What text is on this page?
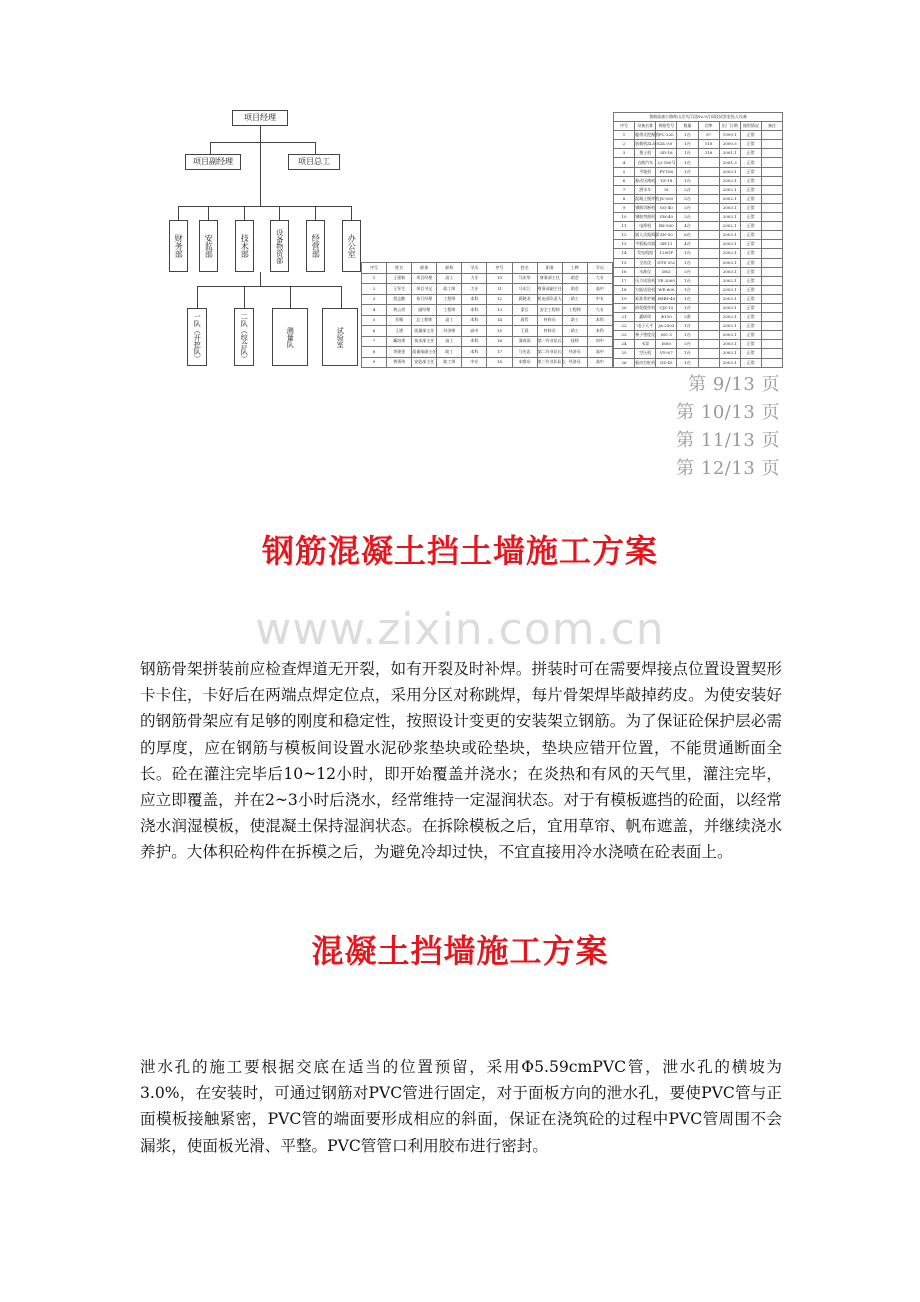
项目经理
项目副经理	项目总工
财务部	安监部	技术部	设备物资部	经营部	办公室
一队（开挖队）	二队（综合队）	测量队	试验室
序号	姓名	职务	职称	学历	序号	姓名	职务	工种	学历
1	王建新	项目经理	高工	大专	10	马庆华	财务部主任	助会	大专
2	王军生	项目书记	政工师	大专	11	马东江	财务部副主任	助会	高中
3	贾志勤	执行经理	工程师	本科	12	蒋晓龙	机电部负责人	助工	中专
4	黄云贵	副经理	工程师	本科	13	蒙岳	安全工程师	工程师	大专
5	苏娜	总工程师	高工	本科	14	蒋哲	材料员	助工	本科
6	王谱	质量部主任	经济师	高中	15	王晨	材料员	助工	本科
7	藏培勇	技术部主任	高工	本科	16	蒲春雨	第一作业队长	技师	初中
8	李建金	质量部副主任	助工	本科	17	马先忠	第二作业队长	经济员	高中
9	黄勇伟	安监部主任	助工师	中专	18	宋维东	第三作业队队长	经济员	高中
鲁朗高速公路梓山至鸟江段No.9合同段试验室投入设备							
序号	设备名称	规格型号	数量	功率	出厂日期	使用情况	备注
1	履带式挖掘机	PC-220	1台	97	1999.1	正常	
2	装载机ZL50C	ZL-50	1台	118	2000.5	正常	
3	推土机	SD-16	1台	118	2001.1	正常	
4	自卸汽车	22-180马	1台		2001.3	正常	
5	平地机	PY-180	1台		2003.1	正常	
6	振动压路机	YZ-18	1台		2003.1	正常	
7	洒水车	5t	2台		2002.1	正常	
8	混凝土搅拌机	JS-500	2台		2002.1	正常	
9	钢筋切断机	GQ-40	2台		2003.1	正常	
10	钢筋弯曲机	GW-40	2台		2003.1	正常	
11	电焊机	BX-500	4台		2002.1	正常	
12	插入式振捣器	ZN-50	6台		2003.1	正常	
13	平板振动器	ZB-11	4台		2003.1	正常	
14	发电机组	120GF	1台		2003.1	正常	
15	全站仪	NTS-352	1台		2003.1	正常	
16	水准仪	DS3	2台		2003.1	正常	
17	压力试验机	YE-2000	1台		2002.1	正常	
18	万能试验机	WE-600	1台		2003.1	正常	
19	标准养护箱	SHBY-40	1台		2003.1	正常	
20	砂浆搅拌机	UJZ-15	1台		2003.1	正常	
21	灌砂筒	Φ150	2套		2003.1	正常	
22	电子天平	JA-2003	1台		2003.1	正常	
23	核子密度仪	MC-3	1台		2003.1	正常	
24	水泵	IS80	2台		2003.1	正常	
25	空压机	VY-9/7	1台		2003.1	正常	
26	振动打桩机	DZ-45	1台		2003.1	正常	
第 9/13 页
第 10/13 页
第 11/13 页
第 12/13 页
钢筋混凝土挡土墙施工方案
www.zixin.com.cn
钢筋骨架拼装前应检查焊道无开裂，如有开裂及时补焊。拼装时可在需要焊接点位置设置契形卡卡住，卡好后在两端点焊定位点，采用分区对称跳焊，每片骨架焊毕敲掉药皮。为使安装好的钢筋骨架应有足够的刚度和稳定性，按照设计变更的安装架立钢筋。为了保证砼保护层必需的厚度，应在钢筋与模板间设置水泥砂浆垫块或砼垫块，垫块应错开位置，不能贯通断面全长。砼在灌注完毕后10~12小时，即开始覆盖并浇水；在炎热和有风的天气里，灌注完毕，应立即覆盖，并在2~3小时后浇水，经常维持一定湿润状态。对于有模板遮挡的砼面，以经常浇水润湿模板，使混凝土保持湿润状态。在拆除模板之后，宜用草帘、帆布遮盖，并继续浇水养护。大体积砼构件在拆模之后，为避免冷却过快，不宜直接用冷水浇喷在砼表面上。
混凝土挡墙施工方案
泄水孔的施工要根据交底在适当的位置预留，采用Φ5.59cmPVC管，泄水孔的横坡为3.0%，在安装时，可通过钢筋对PVC管进行固定，对于面板方向的泄水孔，要使PVC管与正面模板接触紧密，PVC管的端面要形成相应的斜面，保证在浇筑砼的过程中PVC管周围不会漏浆，使面板光滑、平整。PVC管管口利用胶布进行密封。
